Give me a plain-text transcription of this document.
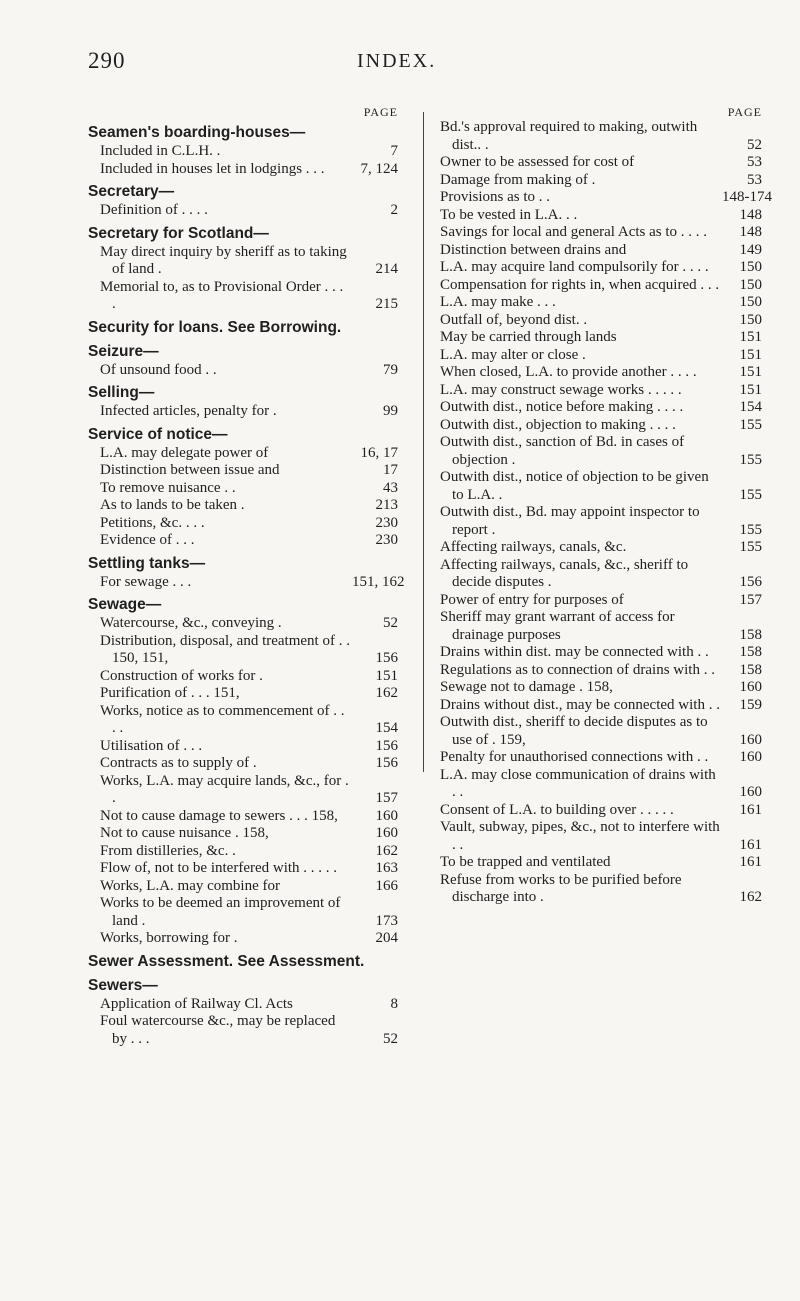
290	INDEX.
PAGE
Seamen's boarding-houses—
Included in C.L.H. .	7
Included in houses let in lodgings . . .	7, 124
Secretary—
Definition of . . . .	2
Secretary for Scotland—
May direct inquiry by sheriff as to taking of land .	214
Memorial to, as to Provisional Order . . . .	215
Security for loans. See Borrowing.
Seizure—
Of unsound food . .	79
Selling—
Infected articles, penalty for .	99
Service of notice—
L.A. may delegate power of	16, 17
Distinction between issue and	17
To remove nuisance . .	43
As to lands to be taken .	213
Petitions, &c. . . .	230
Evidence of . . .	230
Settling tanks—
For sewage . . .	151, 162
Sewage—
Watercourse, &c., conveying .	52
Distribution, disposal, and treatment of . . 150, 151,	156
Construction of works for .	151
Purification of . . . 151,	162
Works, notice as to commencement of . . . .	154
Utilisation of . . .	156
Contracts as to supply of .	156
Works, L.A. may acquire lands, &c., for . .	157
Not to cause damage to sewers . . . 158,	160
Not to cause nuisance . 158,	160
From distilleries, &c. .	162
Flow of, not to be interfered with . . . . .	163
Works, L.A. may combine for	166
Works to be deemed an improvement of land .	173
Works, borrowing for .	204
Sewer Assessment. See Assessment.
Sewers—
Application of Railway Cl. Acts	8
Foul watercourse &c., may be replaced by . . .	52
PAGE
Bd.'s approval required to making, outwith dist.. .	52
Owner to be assessed for cost of	53
Damage from making of .	53
Provisions as to . .	148-174
To be vested in L.A. . .	148
Savings for local and general Acts as to . . . .	148
Distinction between drains and	149
L.A. may acquire land compulsorily for . . . .	150
Compensation for rights in, when acquired . . .	150
L.A. may make . . .	150
Outfall of, beyond dist. .	150
May be carried through lands	151
L.A. may alter or close .	151
When closed, L.A. to provide another . . . .	151
L.A. may construct sewage works . . . . .	151
Outwith dist., notice before making . . . .	154
Outwith dist., objection to making . . . .	155
Outwith dist., sanction of Bd. in cases of objection .	155
Outwith dist., notice of objection to be given to L.A. .	155
Outwith dist., Bd. may appoint inspector to report .	155
Affecting railways, canals, &c.	155
Affecting railways, canals, &c., sheriff to decide disputes .	156
Power of entry for purposes of	157
Sheriff may grant warrant of access for drainage purposes	158
Drains within dist. may be connected with . .	158
Regulations as to connection of drains with . .	158
Sewage not to damage . 158,	160
Drains without dist., may be connected with . .	159
Outwith dist., sheriff to decide disputes as to use of . 159,	160
Penalty for unauthorised connections with . .	160
L.A. may close communication of drains with . .	160
Consent of L.A. to building over . . . . .	161
Vault, subway, pipes, &c., not to interfere with . .	161
To be trapped and ventilated	161
Refuse from works to be purified before discharge into .	162
